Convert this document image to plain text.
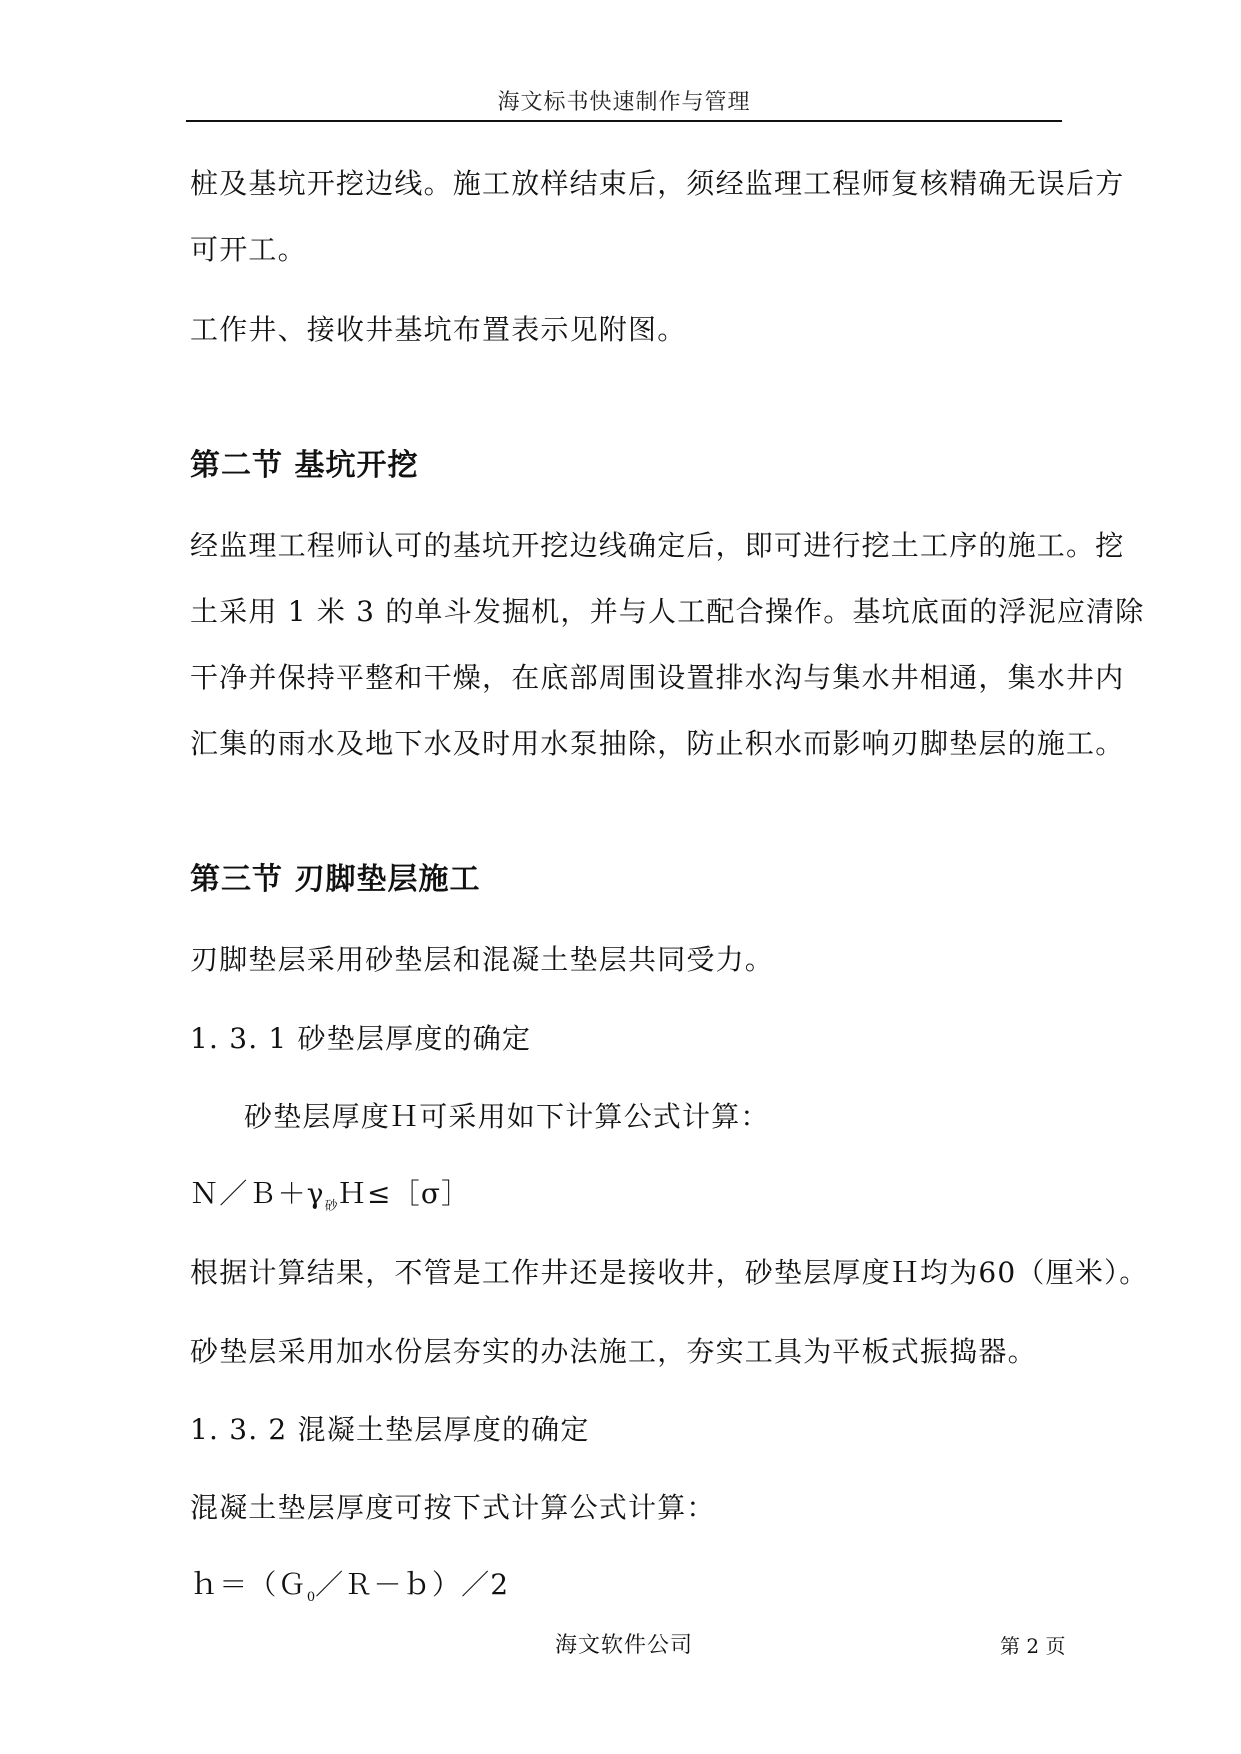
海文标书快速制作与管理
桩及基坑开挖边线。施工放样结束后，须经监理工程师复核精确无误后方
可开工。
工作井、接收井基坑布置表示见附图。
第二节 基坑开挖
经监理工程师认可的基坑开挖边线确定后，即可进行挖土工序的施工。挖
土采用 1 米 3 的单斗发掘机，并与人工配合操作。基坑底面的浮泥应清除
干净并保持平整和干燥，在底部周围设置排水沟与集水井相通，集水井内
汇集的雨水及地下水及时用水泵抽除，防止积水而影响刃脚垫层的施工。
第三节 刃脚垫层施工
刃脚垫层采用砂垫层和混凝土垫层共同受力。
1. 3. 1 砂垫层厚度的确定
砂垫层厚度Ｈ可采用如下计算公式计算：
$N/B+\gamma_砂H\le[\sigma]$
根据计算结果，不管是工作井还是接收井，砂垫层厚度Ｈ均为60（厘米）。
砂垫层采用加水份层夯实的办法施工，夯实工具为平板式振捣器。
1. 3. 2 混凝土垫层厚度的确定
混凝土垫层厚度可按下式计算公式计算：
ｈ＝（Ｇ$_0$／Ｒ－ｂ）／2
海文软件公司	第 2 页
